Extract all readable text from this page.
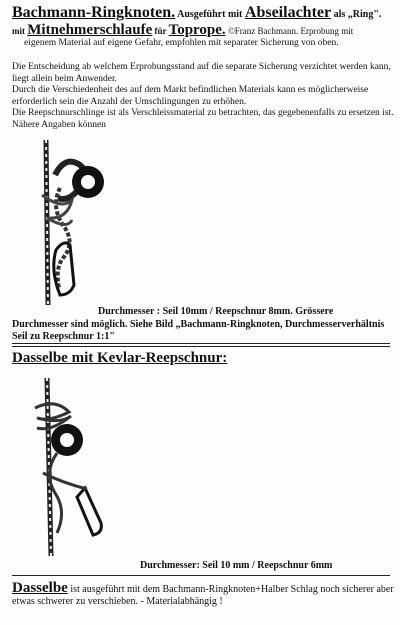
Bachmann-Ringknoten. Ausgeführt mit Abseilachter als „Ring".
mit Mitnehmerschlaufe für Toprope. ©Franz Bachmann. Erprobung mit
eigenem Material auf eigene Gefahr, empfohlen mit separater Sicherung von oben.

Die Entscheidung ab welchem Erprobungsstand auf die separate Sicherung verzichtet werden kann, liegt allein beim Anwender.

Durch die Verschiedenheit des auf dem Markt befindlichen Materials kann es möglicherweise erforderlich sein die Anzahl der Umschlingungen zu erhöhen.

Die Reepschnurschlinge ist als Verschleissmaterial zu betrachten, das gegebenenfalls zu ersetzen ist. Nähere Angaben können

Durchmesser : Seil 10mm / Reepschnur 8mm. Grössere
Durchmesser sind möglich. Siehe Bild „Bachmann-Ringknoten, Durchmesserverhältnis Seil zu Reepschnur 1:1"
Dasselbe mit Kevlar-Reepschnur:
Durchmesser: Seil 10 mm / Reepschnur 6mm
Dasselbe ist ausgeführt mit dem Bachmann-Ringknoten+Halber Schlag noch sicherer aber etwas schwerer zu verschieben. - Materialabhängig !
